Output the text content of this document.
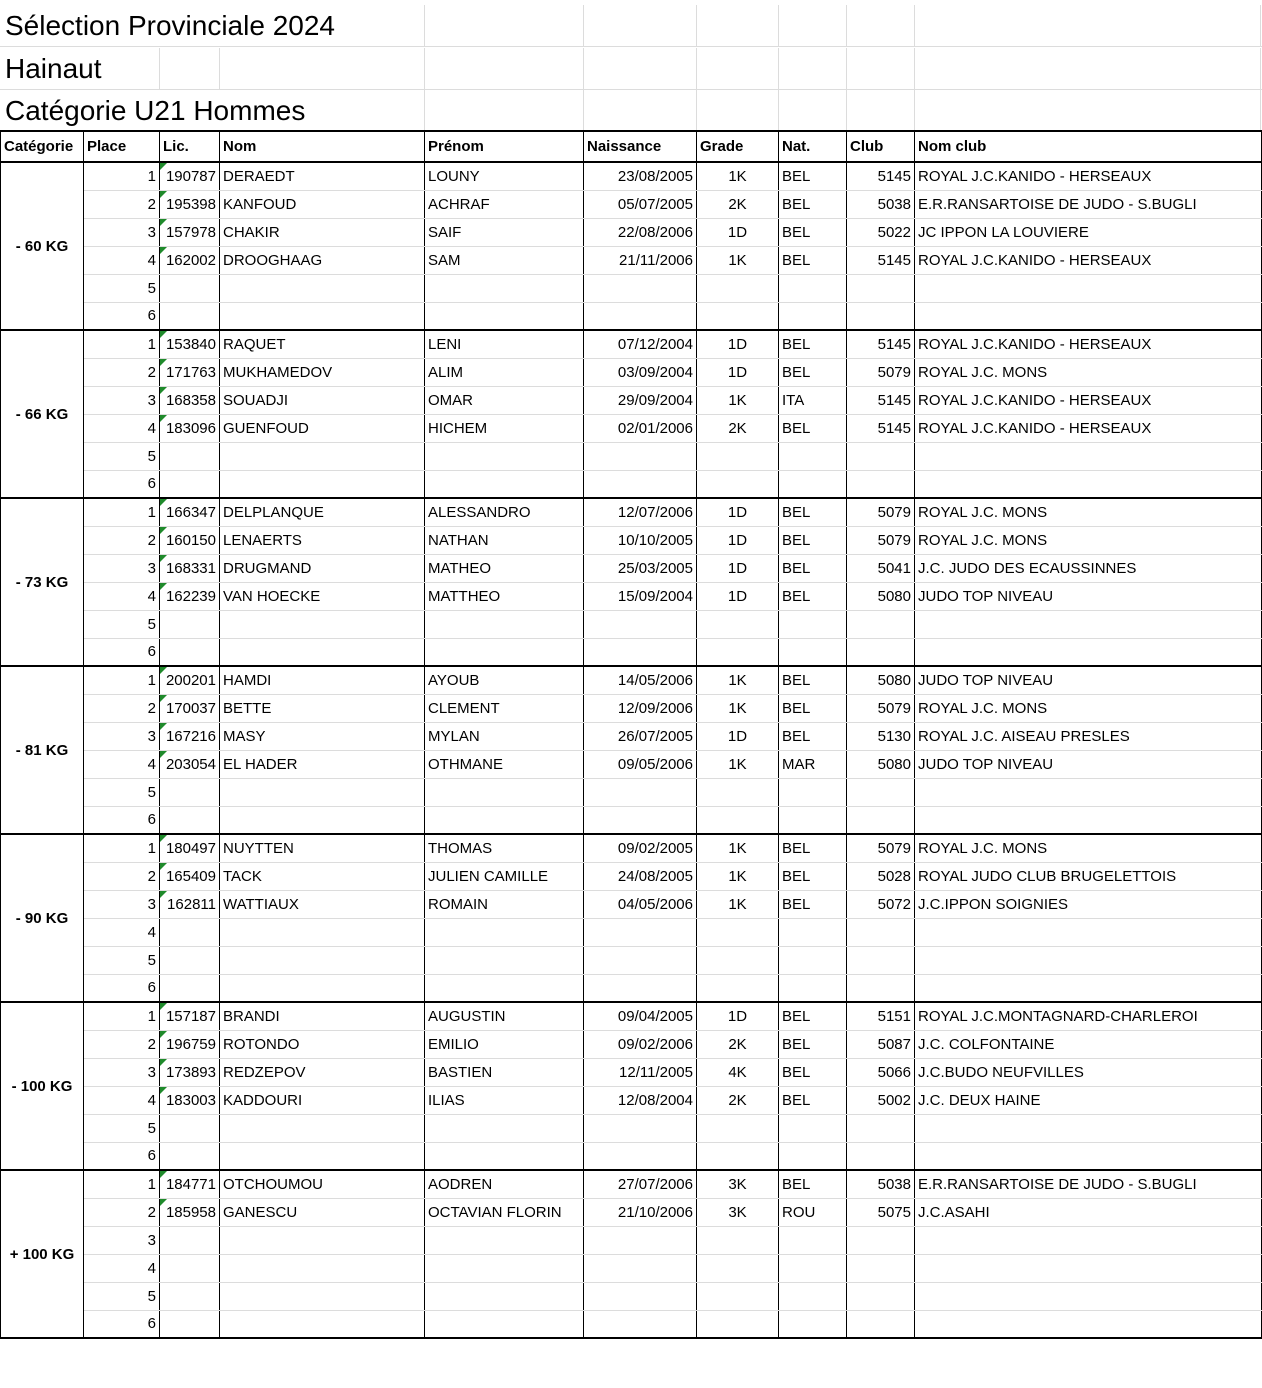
Sélection Provinciale 2024
Hainaut
Catégorie U21 Hommes
Catégorie	Place	Lic.	Nom	Prénom	Naissance	Grade	Nat.	Club	Nom club
- 60 KG	1	190787	DERAEDT	LOUNY	23/08/2005	1K	BEL	5145	ROYAL J.C.KANIDO - HERSEAUX
	2	195398	KANFOUD	ACHRAF	05/07/2005	2K	BEL	5038	E.R.RANSARTOISE DE JUDO - S.BUGLI
	3	157978	CHAKIR	SAIF	22/08/2006	1D	BEL	5022	JC IPPON LA LOUVIERE
	4	162002	DROOGHAAG	SAM	21/11/2006	1K	BEL	5145	ROYAL J.C.KANIDO - HERSEAUX
	5								
	6								
- 66 KG	1	153840	RAQUET	LENI	07/12/2004	1D	BEL	5145	ROYAL J.C.KANIDO - HERSEAUX
	2	171763	MUKHAMEDOV	ALIM	03/09/2004	1D	BEL	5079	ROYAL J.C. MONS
	3	168358	SOUADJI	OMAR	29/09/2004	1K	ITA	5145	ROYAL J.C.KANIDO - HERSEAUX
	4	183096	GUENFOUD	HICHEM	02/01/2006	2K	BEL	5145	ROYAL J.C.KANIDO - HERSEAUX
	5								
	6								
- 73 KG	1	166347	DELPLANQUE	ALESSANDRO	12/07/2006	1D	BEL	5079	ROYAL J.C. MONS
	2	160150	LENAERTS	NATHAN	10/10/2005	1D	BEL	5079	ROYAL J.C. MONS
	3	168331	DRUGMAND	MATHEO	25/03/2005	1D	BEL	5041	J.C. JUDO DES ECAUSSINNES
	4	162239	VAN HOECKE	MATTHEO	15/09/2004	1D	BEL	5080	JUDO TOP NIVEAU
	5								
	6								
- 81 KG	1	200201	HAMDI	AYOUB	14/05/2006	1K	BEL	5080	JUDO TOP NIVEAU
	2	170037	BETTE	CLEMENT	12/09/2006	1K	BEL	5079	ROYAL J.C. MONS
	3	167216	MASY	MYLAN	26/07/2005	1D	BEL	5130	ROYAL J.C. AISEAU PRESLES
	4	203054	EL HADER	OTHMANE	09/05/2006	1K	MAR	5080	JUDO TOP NIVEAU
	5								
	6								
- 90 KG	1	180497	NUYTTEN	THOMAS	09/02/2005	1K	BEL	5079	ROYAL J.C. MONS
	2	165409	TACK	JULIEN CAMILLE	24/08/2005	1K	BEL	5028	ROYAL JUDO CLUB BRUGELETTOIS
	3	162811	WATTIAUX	ROMAIN	04/05/2006	1K	BEL	5072	J.C.IPPON SOIGNIES
	4								
	5								
	6								
- 100 KG	1	157187	BRANDI	AUGUSTIN	09/04/2005	1D	BEL	5151	ROYAL J.C.MONTAGNARD-CHARLEROI
	2	196759	ROTONDO	EMILIO	09/02/2006	2K	BEL	5087	J.C. COLFONTAINE
	3	173893	REDZEPOV	BASTIEN	12/11/2005	4K	BEL	5066	J.C.BUDO NEUFVILLES
	4	183003	KADDOURI	ILIAS	12/08/2004	2K	BEL	5002	J.C. DEUX HAINE
	5								
	6								
+ 100 KG	1	184771	OTCHOUMOU	AODREN	27/07/2006	3K	BEL	5038	E.R.RANSARTOISE DE JUDO - S.BUGLI
	2	185958	GANESCU	OCTAVIAN FLORIN	21/10/2006	3K	ROU	5075	J.C.ASAHI
	3								
	4								
	5								
	6								
